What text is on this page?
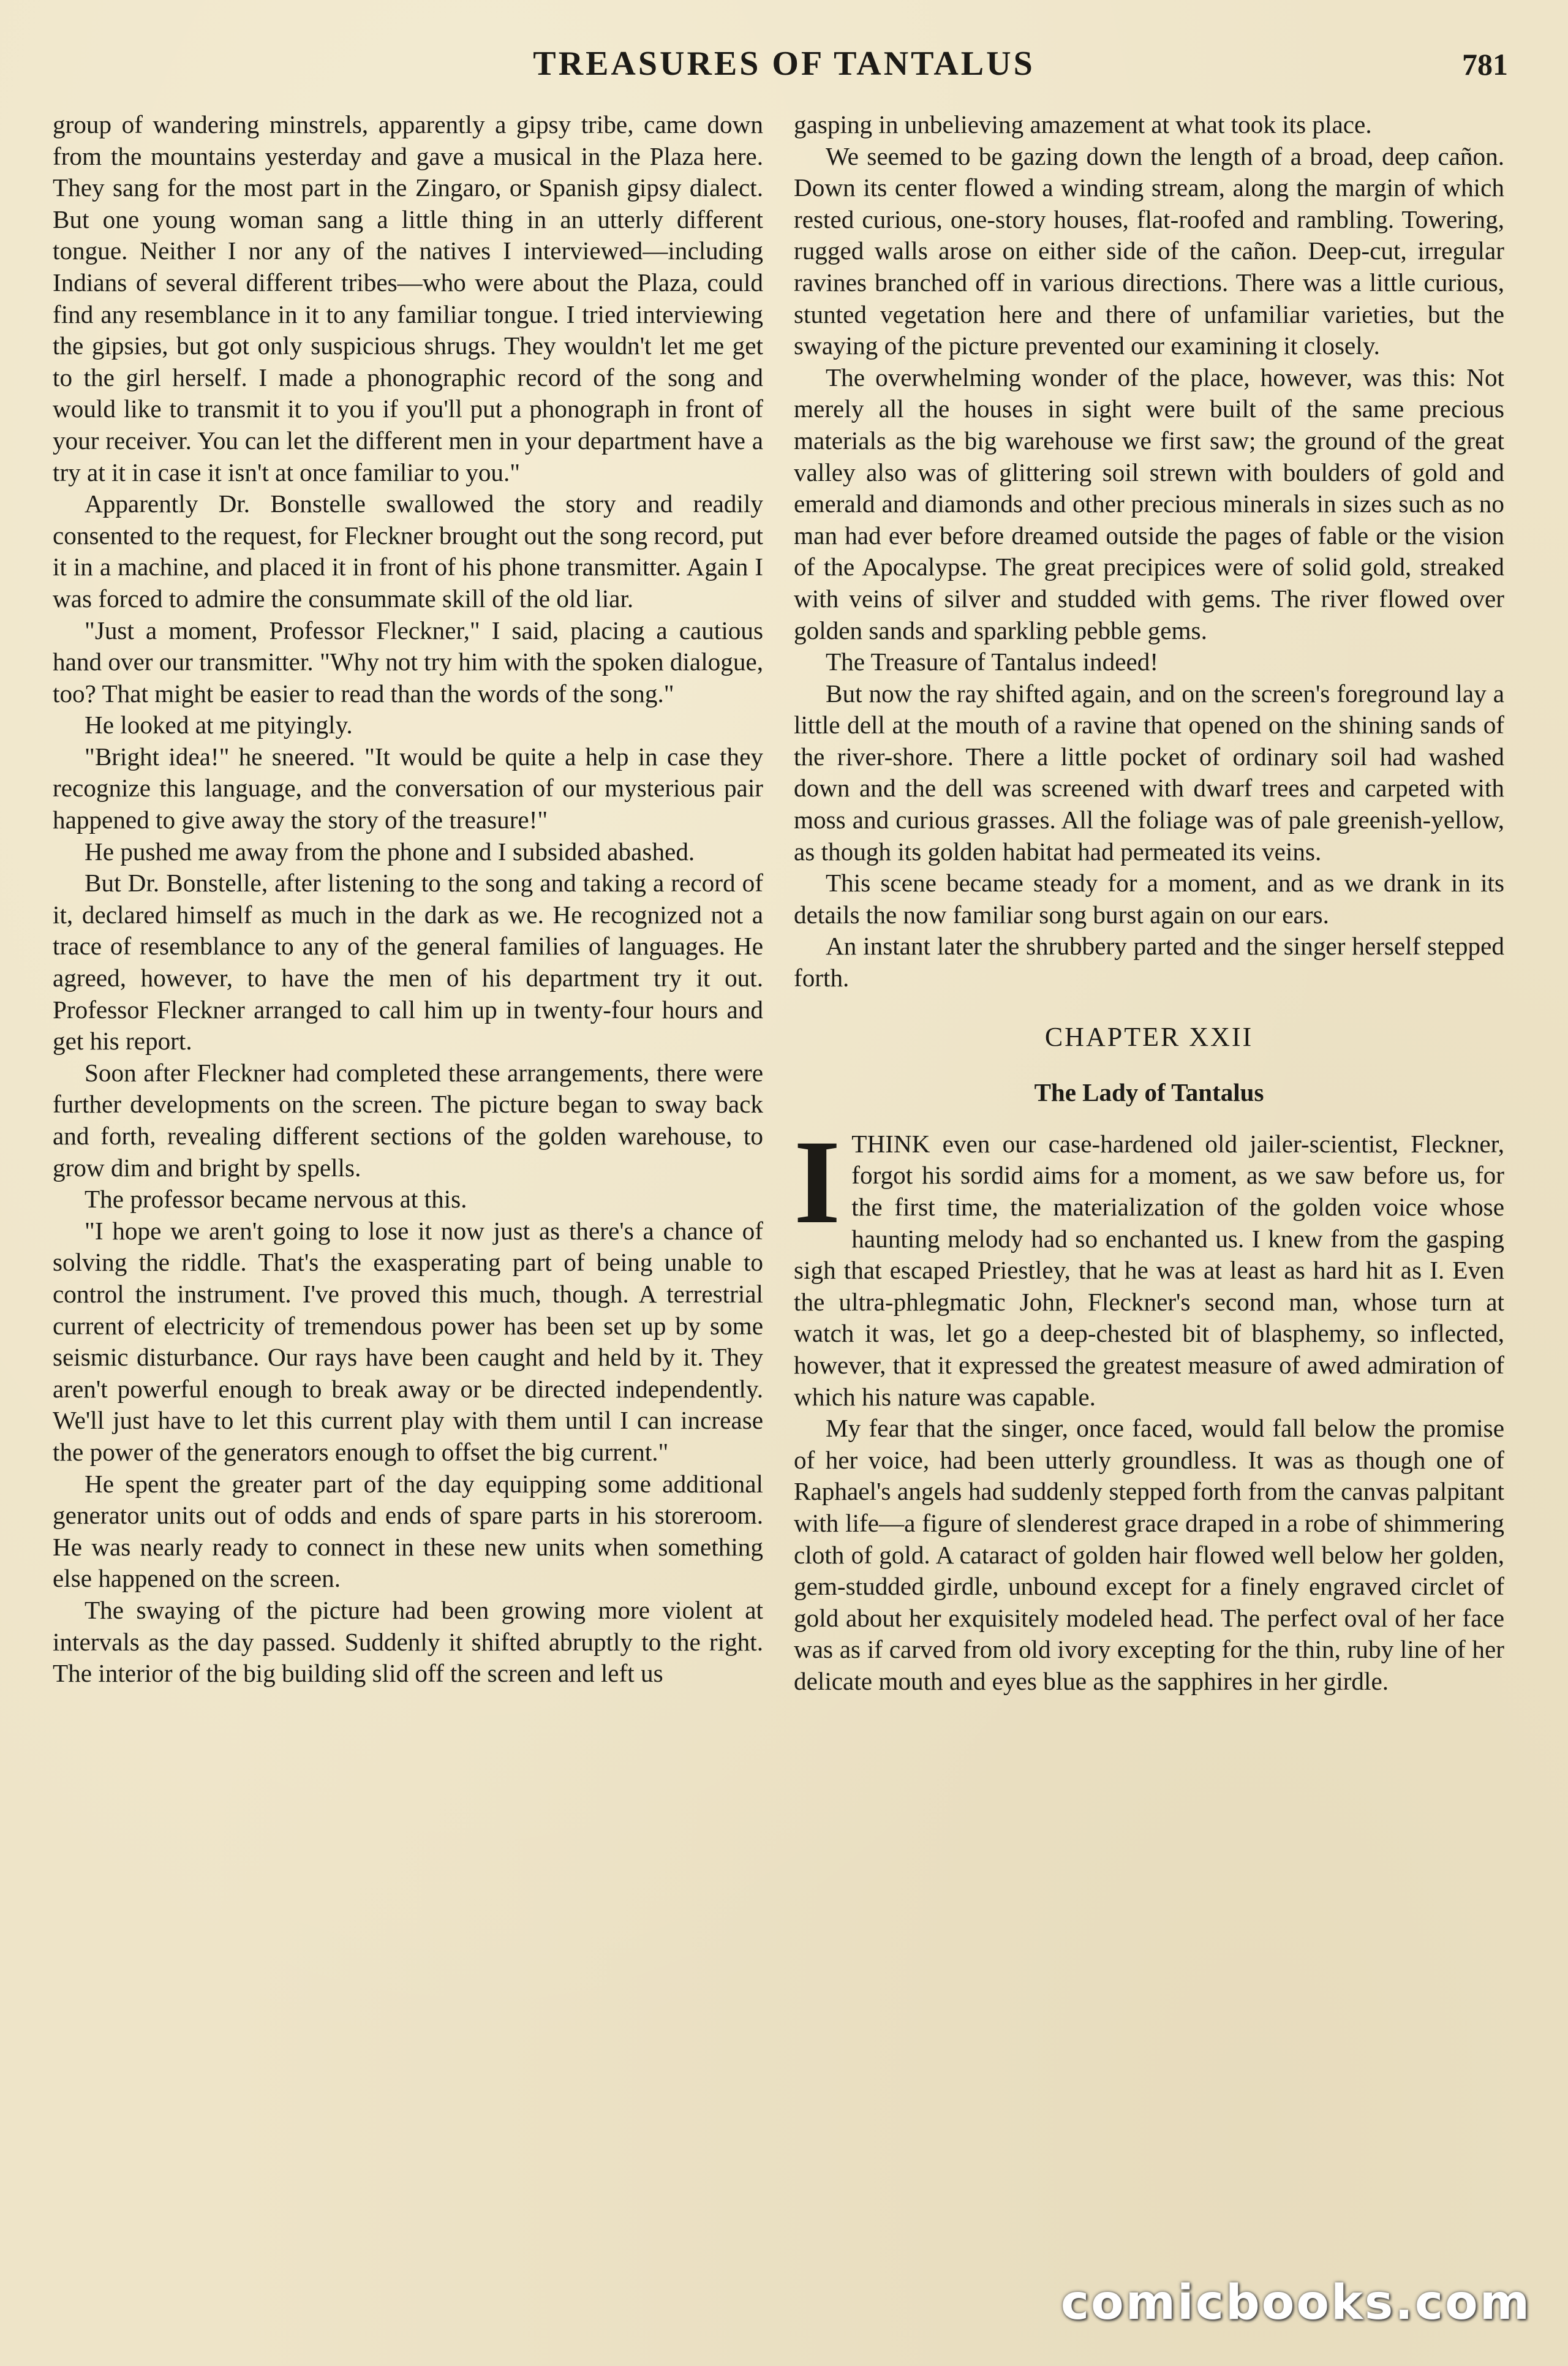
TREASURES OF TANTALUS	781

group of wandering minstrels, apparently a gipsy tribe, came down from the mountains yesterday and gave a musical in the Plaza here. They sang for the most part in the Zingaro, or Spanish gipsy dialect. But one young woman sang a little thing in an utterly different tongue. Neither I nor any of the natives I interviewed—including Indians of several different tribes—who were about the Plaza, could find any resemblance in it to any familiar tongue. I tried interviewing the gipsies, but got only suspicious shrugs. They wouldn't let me get to the girl herself. I made a phonographic record of the song and would like to transmit it to you if you'll put a phonograph in front of your receiver. You can let the different men in your department have a try at it in case it isn't at once familiar to you."

Apparently Dr. Bonstelle swallowed the story and readily consented to the request, for Fleckner brought out the song record, put it in a machine, and placed it in front of his phone transmitter. Again I was forced to admire the consummate skill of the old liar.

"Just a moment, Professor Fleckner," I said, placing a cautious hand over our transmitter. "Why not try him with the spoken dialogue, too? That might be easier to read than the words of the song."

He looked at me pityingly.

"Bright idea!" he sneered. "It would be quite a help in case they recognize this language, and the conversation of our mysterious pair happened to give away the story of the treasure!"

He pushed me away from the phone and I subsided abashed.

But Dr. Bonstelle, after listening to the song and taking a record of it, declared himself as much in the dark as we. He recognized not a trace of resemblance to any of the general families of languages. He agreed, however, to have the men of his department try it out. Professor Fleckner arranged to call him up in twenty-four hours and get his report.

Soon after Fleckner had completed these arrangements, there were further developments on the screen. The picture began to sway back and forth, revealing different sections of the golden warehouse, to grow dim and bright by spells.

The professor became nervous at this.

"I hope we aren't going to lose it now just as there's a chance of solving the riddle. That's the exasperating part of being unable to control the instrument. I've proved this much, though. A terrestrial current of electricity of tremendous power has been set up by some seismic disturbance. Our rays have been caught and held by it. They aren't powerful enough to break away or be directed independently. We'll just have to let this current play with them until I can increase the power of the generators enough to offset the big current."

He spent the greater part of the day equipping some additional generator units out of odds and ends of spare parts in his storeroom. He was nearly ready to connect in these new units when something else happened on the screen.

The swaying of the picture had been growing more violent at intervals as the day passed. Suddenly it shifted abruptly to the right. The interior of the big building slid off the screen and left us

gasping in unbelieving amazement at what took its place.

We seemed to be gazing down the length of a broad, deep cañon. Down its center flowed a winding stream, along the margin of which rested curious, one-story houses, flat-roofed and rambling. Towering, rugged walls arose on either side of the cañon. Deep-cut, irregular ravines branched off in various directions. There was a little curious, stunted vegetation here and there of unfamiliar varieties, but the swaying of the picture prevented our examining it closely.

The overwhelming wonder of the place, however, was this: Not merely all the houses in sight were built of the same precious materials as the big warehouse we first saw; the ground of the great valley also was of glittering soil strewn with boulders of gold and emerald and diamonds and other precious minerals in sizes such as no man had ever before dreamed outside the pages of fable or the vision of the Apocalypse. The great precipices were of solid gold, streaked with veins of silver and studded with gems. The river flowed over golden sands and sparkling pebble gems.

The Treasure of Tantalus indeed!

But now the ray shifted again, and on the screen's foreground lay a little dell at the mouth of a ravine that opened on the shining sands of the river-shore. There a little pocket of ordinary soil had washed down and the dell was screened with dwarf trees and carpeted with moss and curious grasses. All the foliage was of pale greenish-yellow, as though its golden habitat had permeated its veins.

This scene became steady for a moment, and as we drank in its details the now familiar song burst again on our ears.

An instant later the shrubbery parted and the singer herself stepped forth.

CHAPTER XXII

The Lady of Tantalus

ITHINK even our case-hardened old jailer-scientist, Fleckner, forgot his sordid aims for a moment, as we saw before us, for the first time, the materialization of the golden voice whose haunting melody had so enchanted us. I knew from the gasping sigh that escaped Priestley, that he was at least as hard hit as I. Even the ultra-phlegmatic John, Fleckner's second man, whose turn at watch it was, let go a deep-chested bit of blasphemy, so inflected, however, that it expressed the greatest measure of awed admiration of which his nature was capable.

My fear that the singer, once faced, would fall below the promise of her voice, had been utterly groundless. It was as though one of Raphael's angels had suddenly stepped forth from the canvas palpitant with life—a figure of slenderest grace draped in a robe of shimmering cloth of gold. A cataract of golden hair flowed well below her golden, gem-studded girdle, unbound except for a finely engraved circlet of gold about her exquisitely modeled head. The perfect oval of her face was as if carved from old ivory excepting for the thin, ruby line of her delicate mouth and eyes blue as the sapphires in her girdle.

comicbooks.com
